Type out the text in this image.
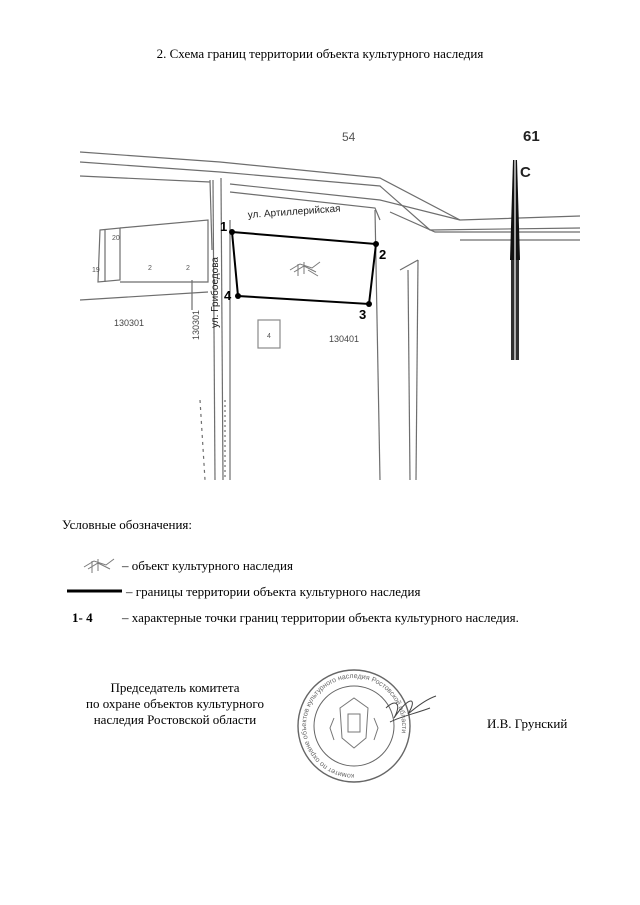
2. Схема границ территории объекта культурного наследия
ул. Артиллерийская
ул. Грибоедова
54	61
С
130301	130301	130401
20
19	2	2
4
1
2
3
4
Условные обозначения:
– объект культурного наследия
– границы территории объекта культурного наследия
1- 4 – характерные точки границ территории объекта культурного наследия.
Председатель комитета
по охране объектов культурного
наследия Ростовской области
комитет по охране объектов культурного наследия Ростовской области
И.В. Грунский
